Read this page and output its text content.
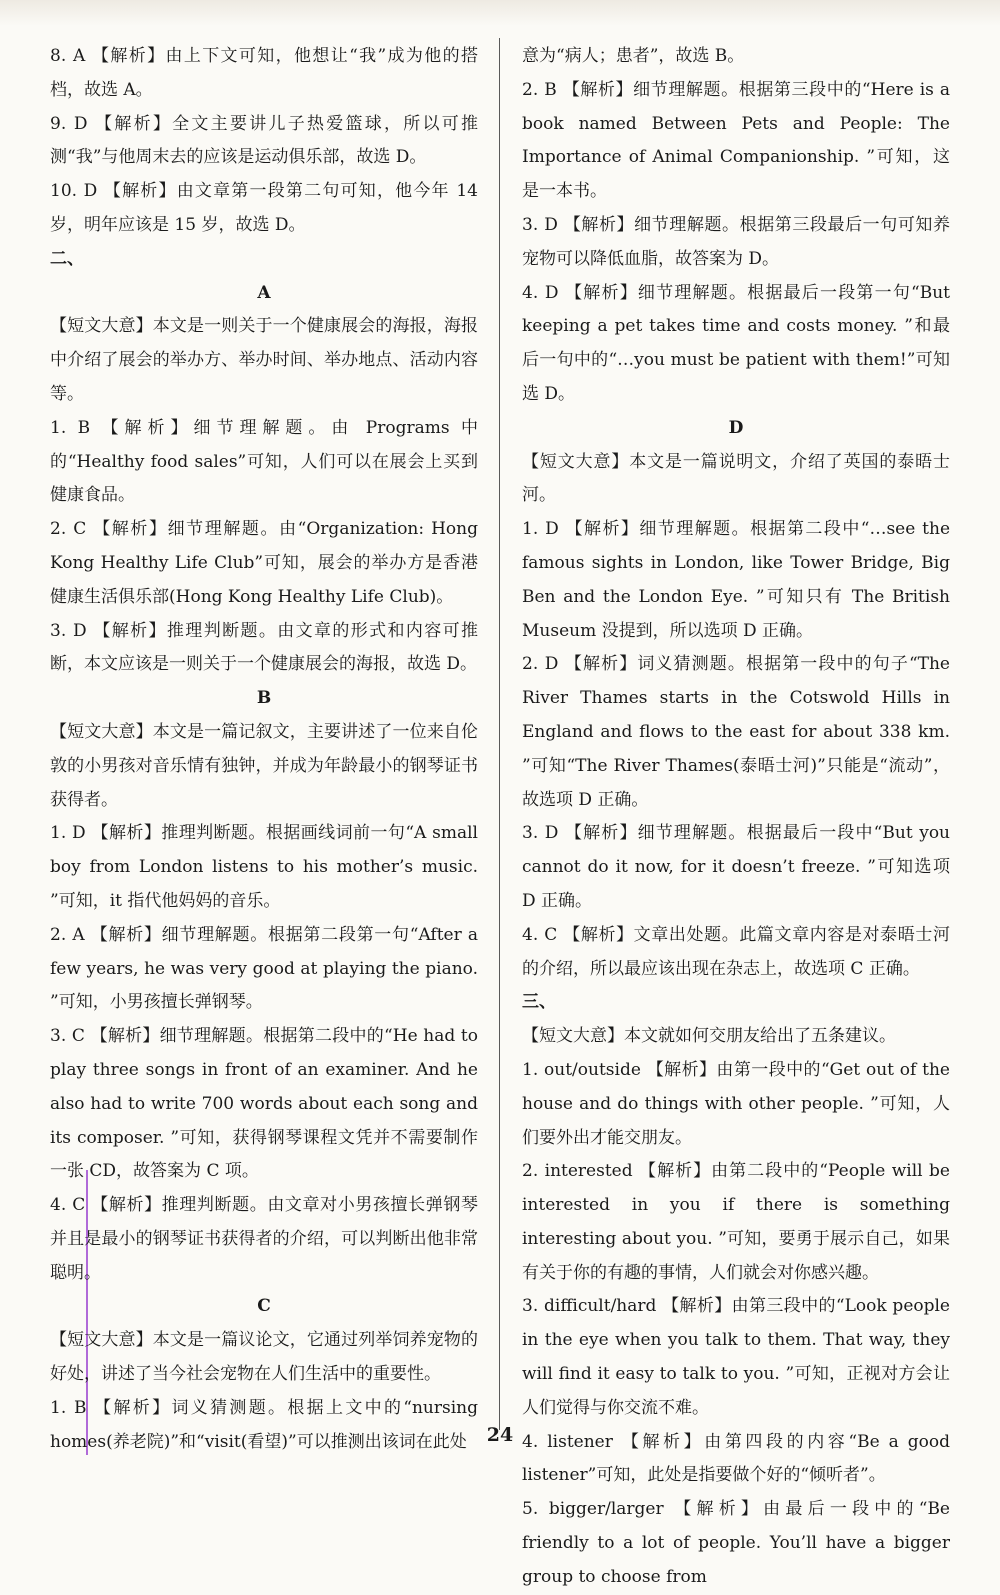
8. A 【解析】由上下文可知，他想让“我”成为他的搭档，故选 A。

9. D 【解析】全文主要讲儿子热爱篮球，所以可推测“我”与他周末去的应该是运动俱乐部，故选 D。

10. D 【解析】由文章第一段第二句可知，他今年 14 岁，明年应该是 15 岁，故选 D。

二、

A

【短文大意】本文是一则关于一个健康展会的海报，海报中介绍了展会的举办方、举办时间、举办地点、活动内容等。

1. B 【解析】细节理解题。由 Programs 中的“Healthy food sales”可知，人们可以在展会上买到健康食品。

2. C 【解析】细节理解题。由“Organization: Hong Kong Healthy Life Club”可知，展会的举办方是香港健康生活俱乐部(Hong Kong Healthy Life Club)。

3. D 【解析】推理判断题。由文章的形式和内容可推断，本文应该是一则关于一个健康展会的海报，故选 D。

B

【短文大意】本文是一篇记叙文，主要讲述了一位来自伦敦的小男孩对音乐情有独钟，并成为年龄最小的钢琴证书获得者。

1. D 【解析】推理判断题。根据画线词前一句“A small boy from London listens to his mother’s music. ”可知，it 指代他妈妈的音乐。

2. A 【解析】细节理解题。根据第二段第一句“After a few years, he was very good at playing the piano. ”可知，小男孩擅长弹钢琴。

3. C 【解析】细节理解题。根据第二段中的“He had to play three songs in front of an examiner. And he also had to write 700 words about each song and its composer. ”可知，获得钢琴课程文凭并不需要制作一张 CD，故答案为 C 项。

4. C 【解析】推理判断题。由文章对小男孩擅长弹钢琴并且是最小的钢琴证书获得者的介绍，可以判断出他非常聪明。

C

【短文大意】本文是一篇议论文，它通过列举饲养宠物的好处，讲述了当今社会宠物在人们生活中的重要性。

1. B 【解析】词义猜测题。根据上文中的“nursing homes(养老院)”和“visit(看望)”可以推测出该词在此处

意为“病人；患者”，故选 B。

2. B 【解析】细节理解题。根据第三段中的“Here is a book named Between Pets and People: The Importance of Animal Companionship. ”可知，这是一本书。

3. D 【解析】细节理解题。根据第三段最后一句可知养宠物可以降低血脂，故答案为 D。

4. D 【解析】细节理解题。根据最后一段第一句“But keeping a pet takes time and costs money. ”和最后一句中的“…you must be patient with them!”可知选 D。

D

【短文大意】本文是一篇说明文，介绍了英国的泰晤士河。

1. D 【解析】细节理解题。根据第二段中“…see the famous sights in London, like Tower Bridge, Big Ben and the London Eye. ”可知只有 The British Museum 没提到，所以选项 D 正确。

2. D 【解析】词义猜测题。根据第一段中的句子“The River Thames starts in the Cotswold Hills in England and flows to the east for about 338 km. ”可知“The River Thames(泰晤士河)”只能是“流动”，故选项 D 正确。

3. D 【解析】细节理解题。根据最后一段中“But you cannot do it now, for it doesn’t freeze. ”可知选项 D 正确。

4. C 【解析】文章出处题。此篇文章内容是对泰晤士河的介绍，所以最应该出现在杂志上，故选项 C 正确。

三、

【短文大意】本文就如何交朋友给出了五条建议。

1. out/outside 【解析】由第一段中的“Get out of the house and do things with other people. ”可知，人们要外出才能交朋友。

2. interested 【解析】由第二段中的“People will be interested in you if there is something interesting about you. ”可知，要勇于展示自己，如果有关于你的有趣的事情，人们就会对你感兴趣。

3. difficult/hard 【解析】由第三段中的“Look people in the eye when you talk to them. That way, they will find it easy to talk to you. ”可知，正视对方会让人们觉得与你交流不难。

4. listener 【解析】由第四段的内容“Be a good listener”可知，此处是指要做个好的“倾听者”。

5. bigger/larger 【解析】由最后一段中的“Be friendly to a lot of people. You’ll have a bigger group to choose from

24
